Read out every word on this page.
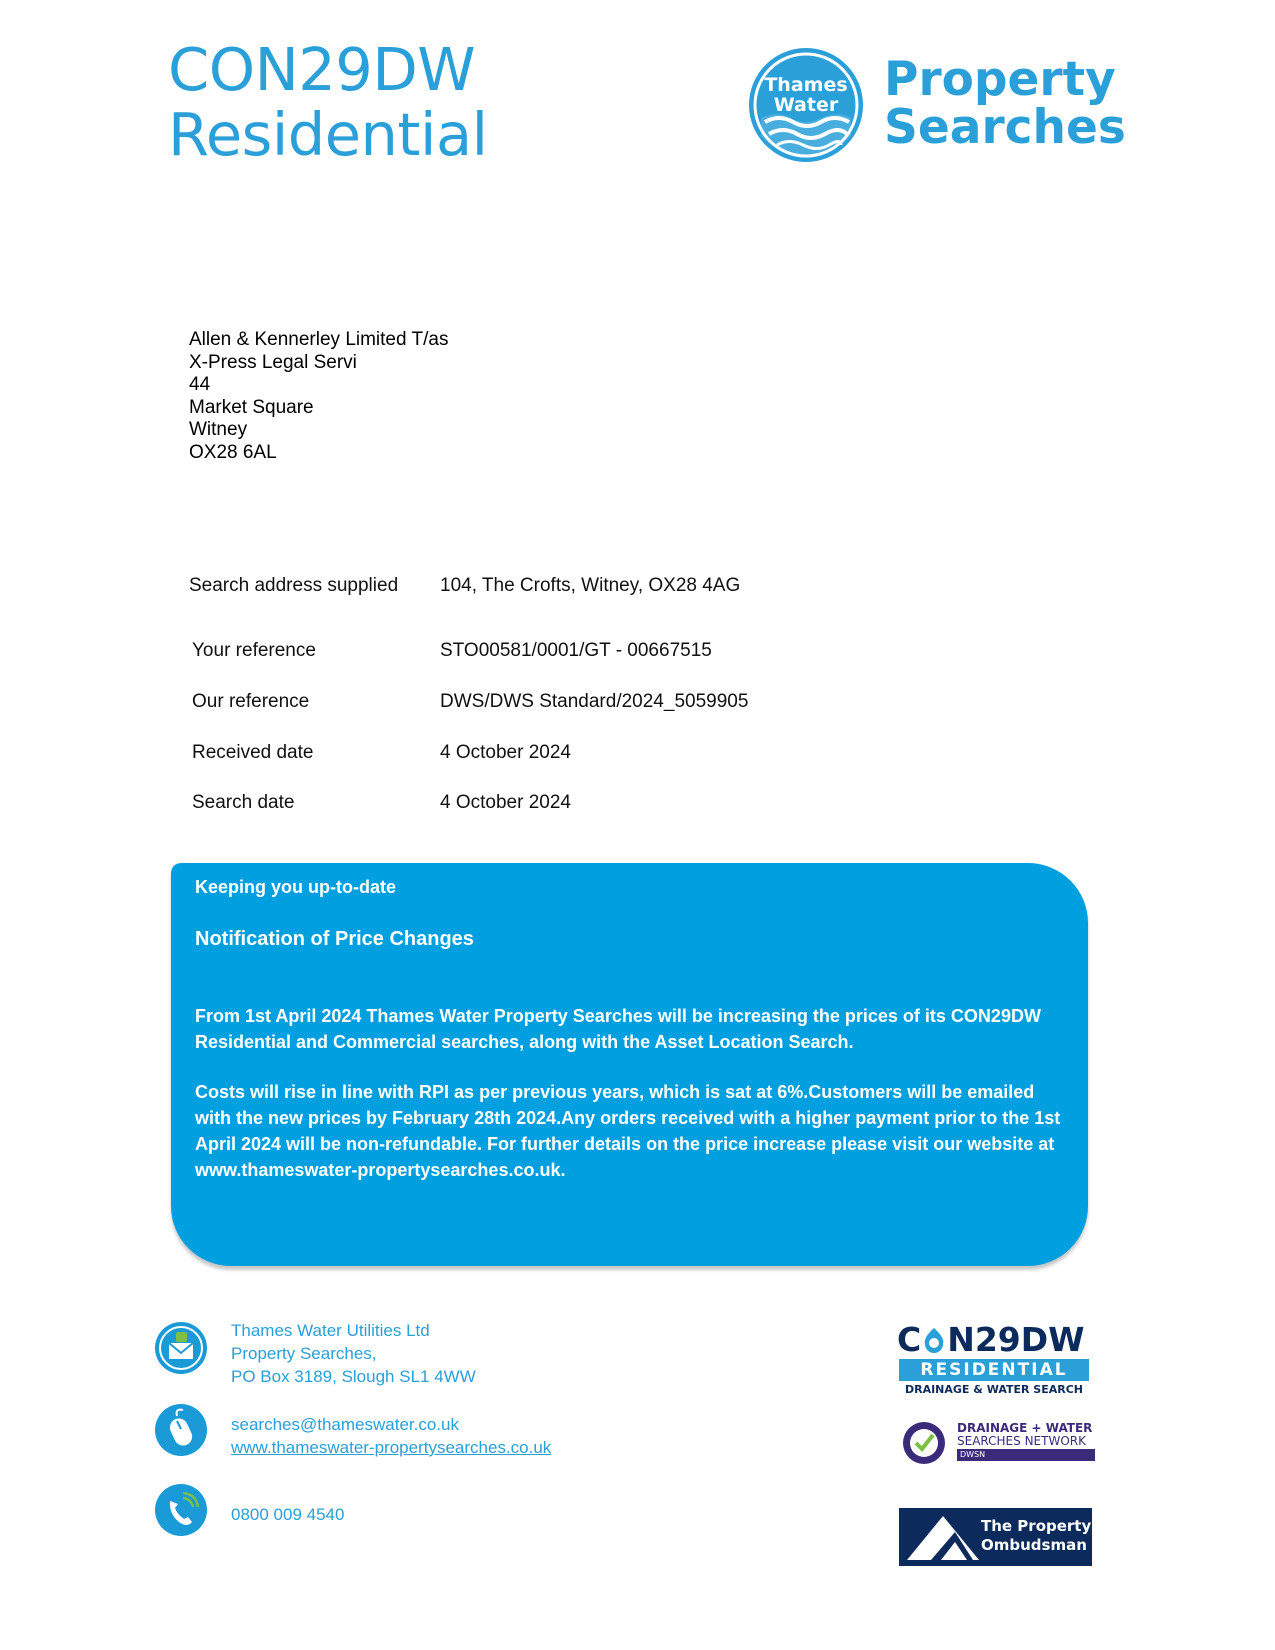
CON29DW
Residential
Thames
Water Property
Searches
Allen & Kennerley Limited T/as
X-Press Legal Servi
44
Market Square
Witney
OX28 6AL
Search address supplied 104, The Crofts, Witney, OX28 4AG
Your reference	STO00581/0001/GT - 00667515
Our reference	DWS/DWS Standard/2024_5059905
Received date	4 October 2024
Search date	4 October 2024
Keeping you up-to-date
Notification of Price Changes
From 1st April 2024 Thames Water Property Searches will be increasing the prices of its CON29DW Residential and Commercial searches, along with the Asset Location Search.
Costs will rise in line with RPI as per previous years, which is sat at 6%.Customers will be emailed with the new prices by February 28th 2024.Any orders received with a higher payment prior to the 1st April 2024 will be non-refundable. For further details on the price increase please visit our website at www.thameswater-propertysearches.co.uk.
Thames Water Utilities Ltd
Property Searches,
PO Box 3189, Slough SL1 4WW
searches@thameswater.co.uk
www.thameswater-propertysearches.co.uk
0800 009 4540
C N29DW
RESIDENTIAL
DRAINAGE & WATER SEARCH
DRAINAGE + WATER
SEARCHES NETWORK
DWSN
The Property
Ombudsman
